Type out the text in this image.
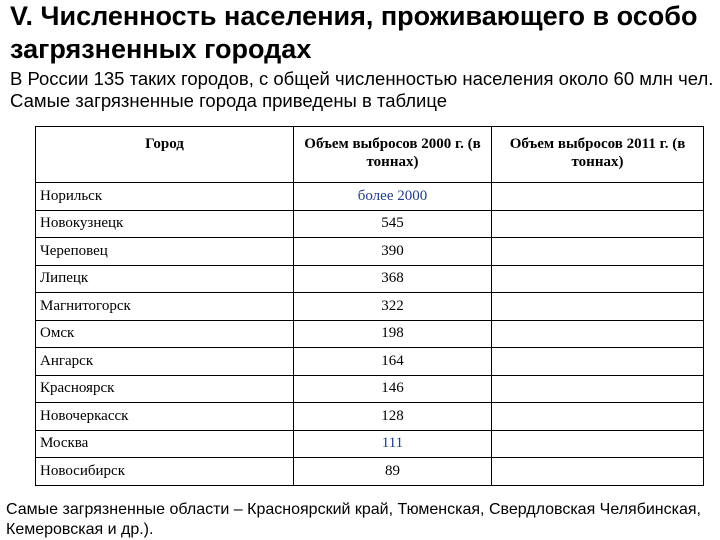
V. Численность населения, проживающего в особо загрязненных городах

В России 135 таких городов, с общей численностью населения около 60 млн чел. Самые загрязненные города приведены в таблице

Город	Объем выбросов 2000 г. (в тоннах)	Объем выбросов 2011 г. (в тоннах)
Норильск	более 2000	
Новокузнецк	545	
Череповец	390	
Липецк	368	
Магнитогорск	322	
Омск	198	
Ангарск	164	
Красноярск	146	
Новочеркасск	128	
Москва	111	
Новосибирск	89	

Самые загрязненные области – Красноярский край, Тюменская, Свердловская Челябинская, Кемеровская и др.).
